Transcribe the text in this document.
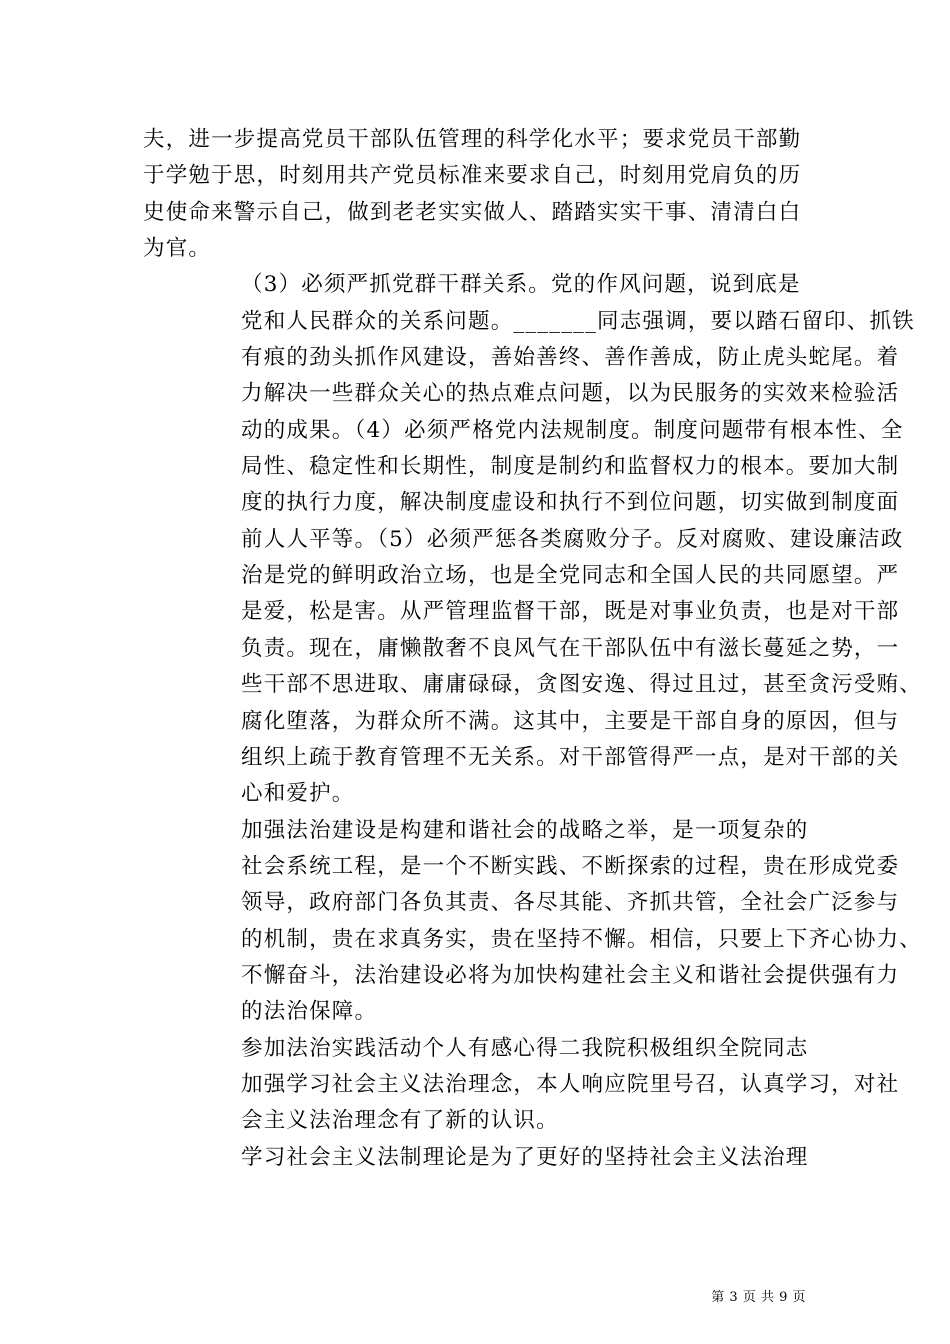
夫，进一步提高党员干部队伍管理的科学化水平；要求党员干部勤
于学勉于思，时刻用共产党员标准来要求自己，时刻用党肩负的历
史使命来警示自己，做到老老实实做人、踏踏实实干事、清清白白
为官。

（3）必须严抓党群干群关系。党的作风问题，说到底是
党和人民群众的关系问题。_______同志强调，要以踏石留印、抓铁
有痕的劲头抓作风建设，善始善终、善作善成，防止虎头蛇尾。着
力解决一些群众关心的热点难点问题，以为民服务的实效来检验活
动的成果。（4）必须严格党内法规制度。制度问题带有根本性、全
局性、稳定性和长期性，制度是制约和监督权力的根本。要加大制
度的执行力度，解决制度虚设和执行不到位问题，切实做到制度面
前人人平等。（5）必须严惩各类腐败分子。反对腐败、建设廉洁政
治是党的鲜明政治立场，也是全党同志和全国人民的共同愿望。严
是爱，松是害。从严管理监督干部，既是对事业负责，也是对干部
负责。现在，庸懒散奢不良风气在干部队伍中有滋长蔓延之势，一
些干部不思进取、庸庸碌碌，贪图安逸、得过且过，甚至贪污受贿、
腐化堕落，为群众所不满。这其中，主要是干部自身的原因，但与
组织上疏于教育管理不无关系。对干部管得严一点，是对干部的关
心和爱护。

加强法治建设是构建和谐社会的战略之举，是一项复杂的
社会系统工程，是一个不断实践、不断探索的过程，贵在形成党委
领导，政府部门各负其责、各尽其能、齐抓共管，全社会广泛参与
的机制，贵在求真务实，贵在坚持不懈。相信，只要上下齐心协力、
不懈奋斗，法治建设必将为加快构建社会主义和谐社会提供强有力
的法治保障。

参加法治实践活动个人有感心得二我院积极组织全院同志
加强学习社会主义法治理念，本人响应院里号召，认真学习，对社
会主义法治理念有了新的认识。

学习社会主义法制理论是为了更好的坚持社会主义法治理

第 3 页 共 9 页
